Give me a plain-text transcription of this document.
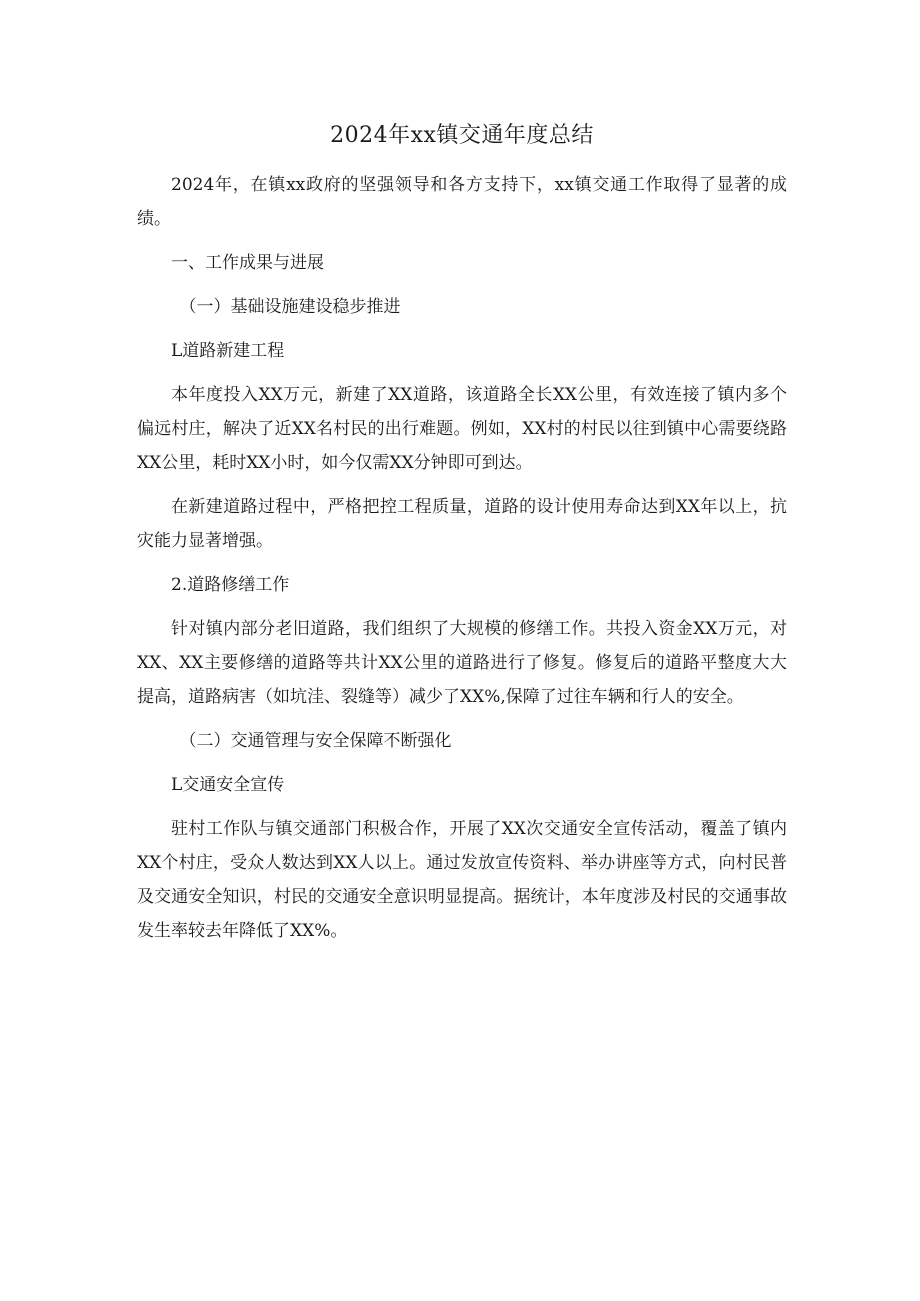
2024年xx镇交通年度总结

2024年，在镇xx政府的坚强领导和各方支持下，xx镇交通工作取得了显著的成绩。

一、工作成果与进展

（一）基础设施建设稳步推进

L道路新建工程

本年度投入XX万元，新建了XX道路，该道路全长XX公里，有效连接了镇内多个偏远村庄，解决了近XX名村民的出行难题。例如，XX村的村民以往到镇中心需要绕路XX公里，耗时XX小时，如今仅需XX分钟即可到达。

在新建道路过程中，严格把控工程质量，道路的设计使用寿命达到XX年以上，抗灾能力显著增强。

2.道路修缮工作

针对镇内部分老旧道路，我们组织了大规模的修缮工作。共投入资金XX万元，对XX、XX主要修缮的道路等共计XX公里的道路进行了修复。修复后的道路平整度大大提高，道路病害（如坑洼、裂缝等）减少了XX%,保障了过往车辆和行人的安全。

（二）交通管理与安全保障不断强化

L交通安全宣传

驻村工作队与镇交通部门积极合作，开展了XX次交通安全宣传活动，覆盖了镇内XX个村庄，受众人数达到XX人以上。通过发放宣传资料、举办讲座等方式，向村民普及交通安全知识，村民的交通安全意识明显提高。据统计，本年度涉及村民的交通事故发生率较去年降低了XX%。
